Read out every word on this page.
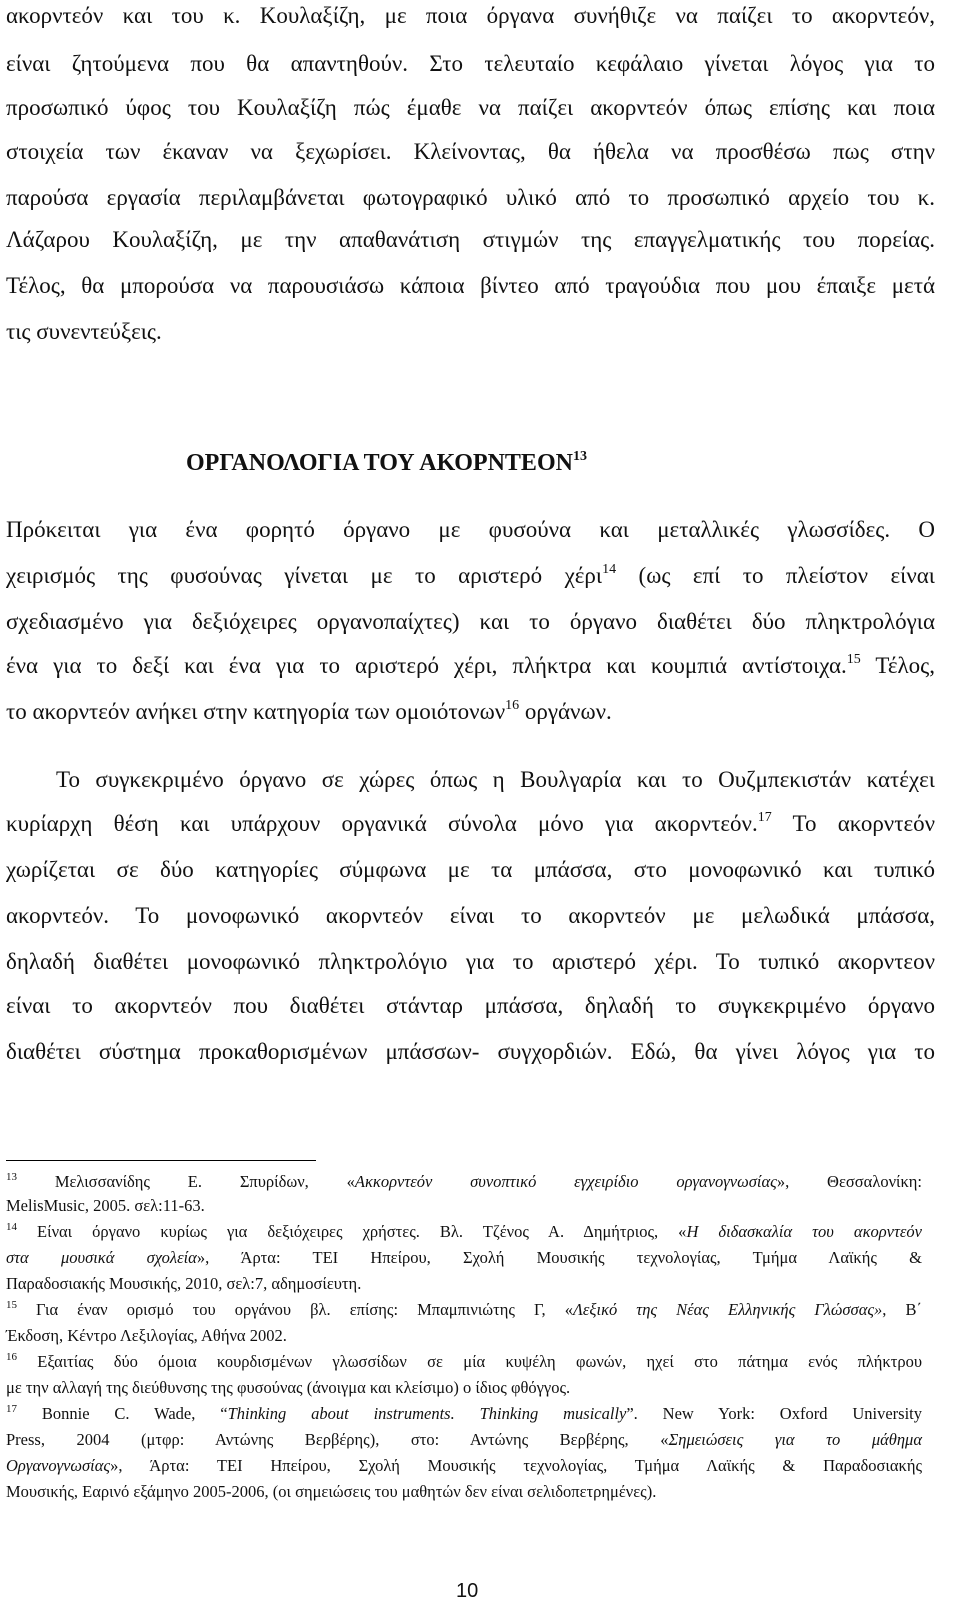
ακορντεόν και του κ. Κουλαξίζη, με ποια όργανα συνήθιζε να παίζει το ακορντεόν,
είναι ζητούμενα που θα απαντηθούν. Στο τελευταίο κεφάλαιο γίνεται λόγος για το
προσωπικό ύφος του Κουλαξίζη πώς έμαθε να παίζει ακορντεόν όπως επίσης και ποια
στοιχεία των έκαναν να ξεχωρίσει. Κλείνοντας, θα ήθελα να προσθέσω πως στην
παρούσα εργασία περιλαμβάνεται φωτογραφικό υλικό από το προσωπικό αρχείο του κ.
Λάζαρου Κουλαξίζη, με την απαθανάτιση στιγμών της επαγγελματικής του πορείας.
Τέλος, θα μπορούσα να παρουσιάσω κάποια βίντεο από τραγούδια που μου έπαιξε μετά
τις συνεντεύξεις.
ΟΡΓΑΝΟΛΟΓΙΑ ΤΟΥ ΑΚΟΡΝΤΕΟΝ$^{13}$
Πρόκειται για ένα φορητό όργανο με φυσούνα και μεταλλικές γλωσσίδες. Ο
χειρισμός της φυσούνας γίνεται με το αριστερό χέρι$^{14}$ (ως επί το πλείστον είναι
σχεδιασμένο για δεξιόχειρες οργανοπαίχτες) και το όργανο διαθέτει δύο πληκτρολόγια
ένα για το δεξί και ένα για το αριστερό χέρι, πλήκτρα και κουμπιά αντίστοιχα.$^{15}$ Τέλος,
το ακορντεόν ανήκει στην κατηγορία των ομοιότονων$^{16}$ οργάνων.
Το συγκεκριμένο όργανο σε χώρες όπως η Βουλγαρία και το Ουζμπεκιστάν κατέχει
κυρίαρχη θέση και υπάρχουν οργανικά σύνολα μόνο για ακορντεόν.$^{17}$ Το ακορντεόν
χωρίζεται σε δύο κατηγορίες σύμφωνα με τα μπάσσα, στο μονοφωνικό και τυπικό
ακορντεόν. Το μονοφωνικό ακορντεόν είναι το ακορντεόν με μελωδικά μπάσσα,
δηλαδή διαθέτει μονοφωνικό πληκτρολόγιο για το αριστερό χέρι. Το τυπικό ακορντεον
είναι το ακορντεόν που διαθέτει στάνταρ μπάσσα, δηλαδή το συγκεκριμένο όργανο
διαθέτει σύστημα προκαθορισμένων μπάσσων- συγχορδιών. Εδώ, θα γίνει λόγος για το
$^{13}$ Μελισσανίδης Ε. Σπυρίδων, «Ακκορντεόν συνοπτικό εγχειρίδιο οργανογνωσίας», Θεσσαλονίκη:
MelisMusic, 2005. σελ:11-63.
$^{14}$ Είναι όργανο κυρίως για δεξιόχειρες χρήστες. Βλ. Τζένος Α. Δημήτριος, «Η διδασκαλία του ακορντεόν
στα μουσικά σχολεία», Άρτα: ΤΕΙ Ηπείρου, Σχολή Μουσικής τεχνολογίας, Τμήμα Λαϊκής &
Παραδοσιακής Μουσικής, 2010, σελ:7, αδημοσίευτη.
$^{15}$ Για έναν ορισμό του οργάνου βλ. επίσης: Μπαμπινιώτης Γ, «Λεξικό της Νέας Ελληνικής Γλώσσας», Β΄
Έκδοση, Κέντρο Λεξιλογίας, Αθήνα 2002.
$^{16}$ Εξαιτίας δύο όμοια κουρδισμένων γλωσσίδων σε μία κυψέλη φωνών, ηχεί στο πάτημα ενός πλήκτρου
με την αλλαγή της διεύθυνσης της φυσούνας (άνοιγμα και κλείσιμο) ο ίδιος φθόγγος.
$^{17}$ Bonnie C. Wade, “Thinking about instruments. Thinking musically”. New York: Oxford University
Press, 2004 (μτφρ: Αντώνης Βερβέρης), στο: Αντώνης Βερβέρης, «Σημειώσεις για το μάθημα
Οργανογνωσίας», Άρτα: ΤΕΙ Ηπείρου, Σχολή Μουσικής τεχνολογίας, Τμήμα Λαϊκής & Παραδοσιακής
Μουσικής, Εαρινό εξάμηνο 2005-2006, (οι σημειώσεις του μαθητών δεν είναι σελιδοπετρημένες).
10
